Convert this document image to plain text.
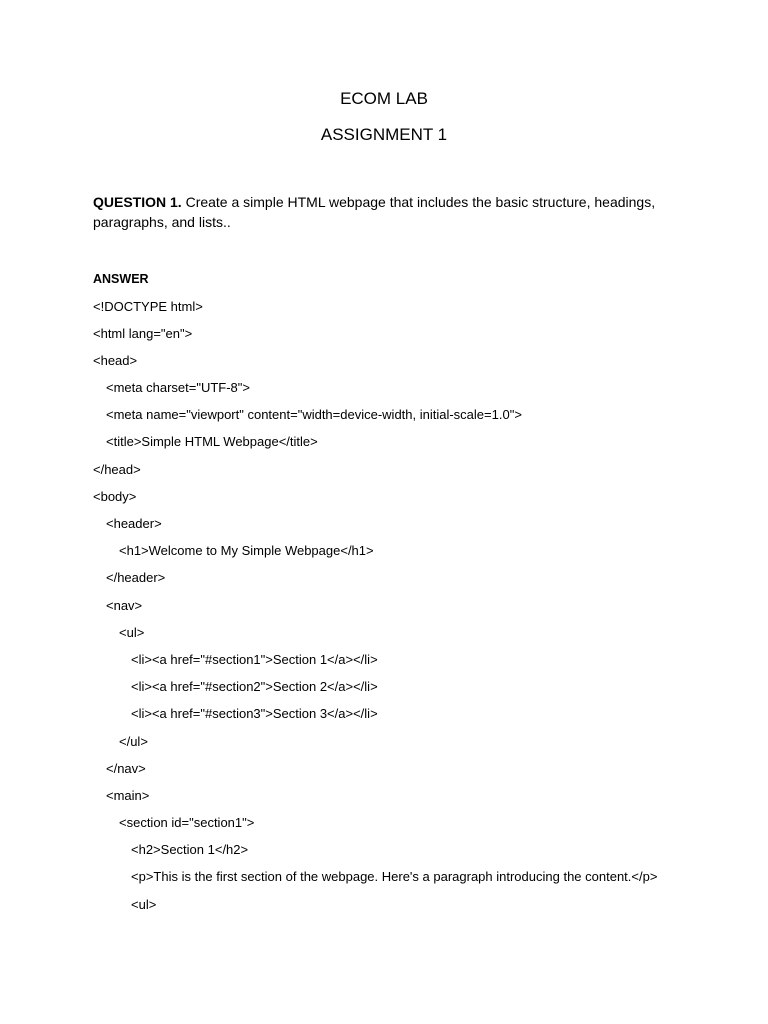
ECOM LAB
ASSIGNMENT 1
QUESTION 1. Create a simple HTML webpage that includes the basic structure, headings, paragraphs, and lists..
ANSWER
<!DOCTYPE html>
<html lang="en">
<head>
<meta charset="UTF-8">
<meta name="viewport" content="width=device-width, initial-scale=1.0">
<title>Simple HTML Webpage</title>
</head>
<body>
<header>
<h1>Welcome to My Simple Webpage</h1>
</header>
<nav>
<ul>
<li><a href="#section1">Section 1</a></li>
<li><a href="#section2">Section 2</a></li>
<li><a href="#section3">Section 3</a></li>
</ul>
</nav>
<main>
<section id="section1">
<h2>Section 1</h2>
<p>This is the first section of the webpage. Here's a paragraph introducing the content.</p>
<ul>
